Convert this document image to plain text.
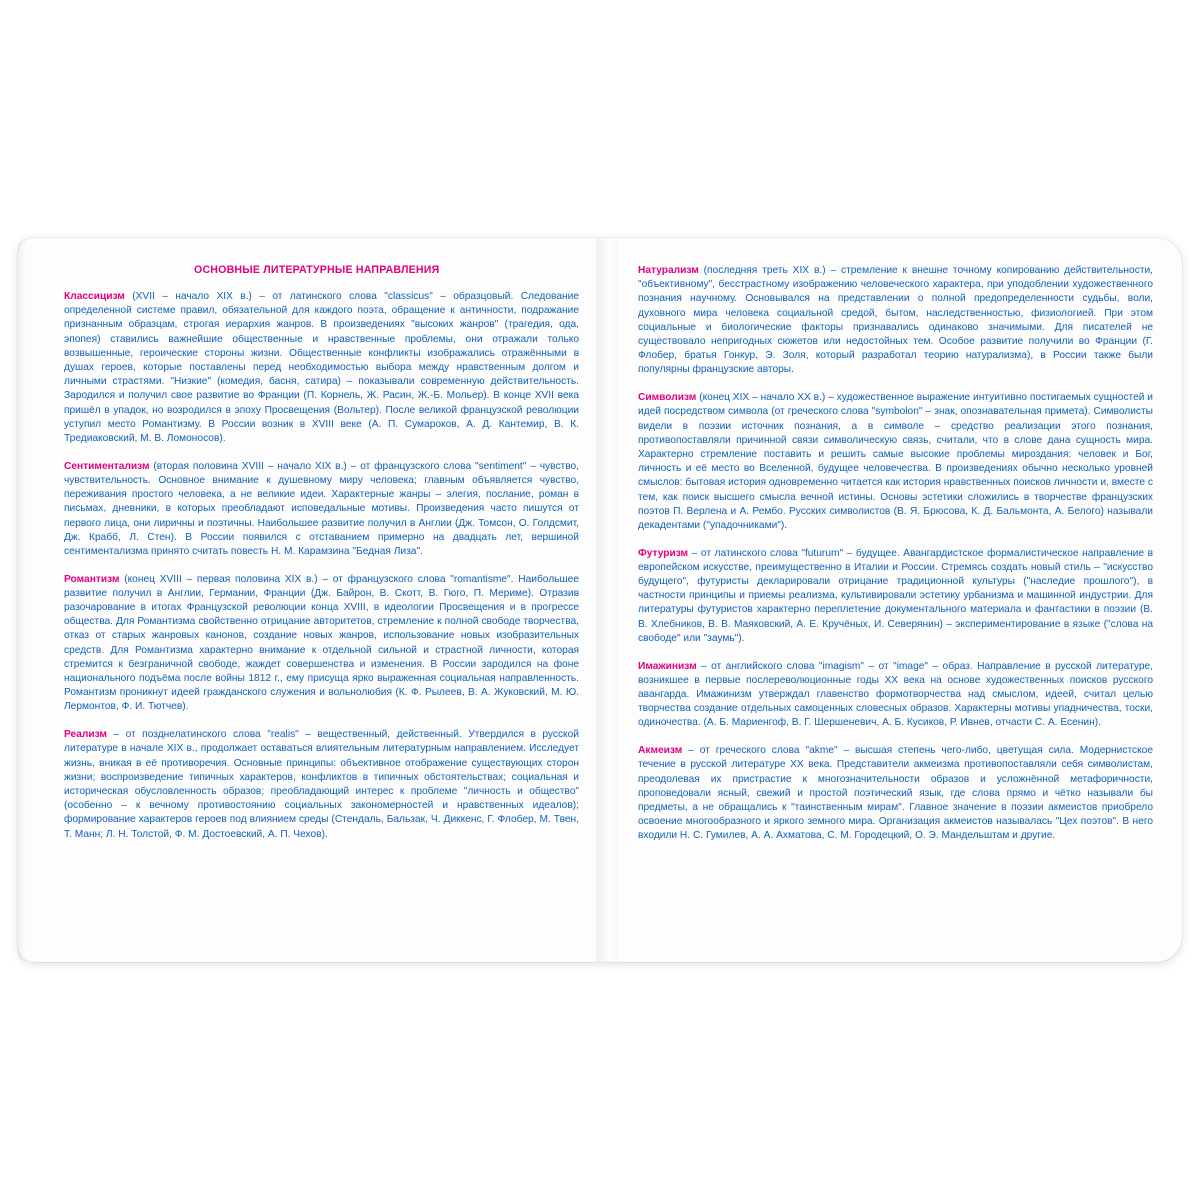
ОСНОВНЫЕ ЛИТЕРАТУРНЫЕ НАПРАВЛЕНИЯ

Классицизм (XVII – начало XIX в.) – от латинского слова "classicus" – образцовый. Следование определенной системе правил, обязательной для каждого поэта, обращение к античности, подражание признанным образцам, строгая иерархия жанров. В произведениях "высоких жанров" (трагедия, ода, эпопея) ставились важнейшие общественные и нравственные проблемы, они отражали только возвышенные, героические стороны жизни. Общественные конфликты изображались отражёнными в душах героев, которые поставлены перед необходимостью выбора между нравственным долгом и личными страстями. "Низкие" (комедия, басня, сатира) – показывали современную действительность. Зародился и получил свое развитие во Франции (П. Корнель, Ж. Расин, Ж.-Б. Мольер). В конце XVII века пришёл в упадок, но возродился в эпоху Просвещения (Вольтер). После великой французской революции уступил место Романтизму. В России возник в XVIII веке (А. П. Сумароков, А. Д. Кантемир, В. К. Тредиаковский, М. В. Ломоносов).

Сентиментализм (вторая половина XVIII – начало XIX в.) – от французского слова "sentiment" – чувство, чувствительность. Основное внимание к душевному миру человека; главным объявляется чувство, переживания простого человека, а не великие идеи. Характерные жанры – элегия, послание, роман в письмах, дневники, в которых преобладают исповедальные мотивы. Произведения часто пишутся от первого лица, они лиричны и поэтичны. Наибольшее развитие получил в Англии (Дж. Томсон, О. Голдсмит, Дж. Крабб, Л. Стен). В России появился с отставанием примерно на двадцать лет, вершиной сентиментализма принято считать повесть Н. М. Карамзина "Бедная Лиза".

Романтизм (конец XVIII – первая половина XIX в.) – от французского слова "romantisme". Наибольшее развитие получил в Англии, Германии, Франции (Дж. Байрон, В. Скотт, В. Гюго, П. Мериме). Отразив разочарование в итогах Французской революции конца XVIII, в идеологии Просвещения и в прогрессе общества. Для Романтизма свойственно отрицание авторитетов, стремление к полной свободе творчества, отказ от старых жанровых канонов, создание новых жанров, использование новых изобразительных средств. Для Романтизма характерно внимание к отдельной сильной и страстной личности, которая стремится к безграничной свободе, жаждет совершенства и изменения. В России зародился на фоне национального подъёма после войны 1812 г., ему присуща ярко выраженная социальная направленность. Романтизм проникнут идеей гражданского служения и вольнолюбия (К. Ф. Рылеев, В. А. Жуковский, М. Ю. Лермонтов, Ф. И. Тютчев).

Реализм – от позднелатинского слова "realis" – вещественный, действенный. Утвердился в русской литературе в начале XIX в., продолжает оставаться влиятельным литературным направлением. Исследует жизнь, вникая в её противоречия. Основные принципы: объективное отображение существующих сторон жизни; воспроизведение типичных характеров, конфликтов в типичных обстоятельствах; социальная и историческая обусловленность образов; преобладающий интерес к проблеме "личность и общество" (особенно – к вечному противостоянию социальных закономерностей и нравственных идеалов); формирование характеров героев под влиянием среды (Стендаль, Бальзак, Ч. Диккенс, Г. Флобер, М. Твен, Т. Манн; Л. Н. Толстой, Ф. М. Достоевский, А. П. Чехов).

Натурализм (последняя треть XIX в.) – стремление к внешне точному копированию действительности, "объективному", бесстрастному изображению человеческого характера, при уподоблении художественного познания научному. Основывался на представлении о полной предопределенности судьбы, воли, духовного мира человека социальной средой, бытом, наследственностью, физиологией. При этом социальные и биологические факторы признавались одинаково значимыми. Для писателей не существовало непригодных сюжетов или недостойных тем. Особое развитие получили во Франции (Г. Флобер, братья Гонкур, Э. Золя, который разработал теорию натурализма), в России также были популярны французские авторы.

Символизм (конец XIX – начало XX в.) – художественное выражение интуитивно постигаемых сущностей и идей посредством символа (от греческого слова "symbolon" – знак, опознавательная примета). Символисты видели в поэзии источник познания, а в символе – средство реализации этого познания, противопоставляли причинной связи символическую связь, считали, что в слове дана сущность мира. Характерно стремление поставить и решить самые высокие проблемы мироздания: человек и Бог, личность и её место во Вселенной, будущее человечества. В произведениях обычно несколько уровней смыслов: бытовая история одновременно читается как история нравственных поисков личности и, вместе с тем, как поиск высшего смысла вечной истины. Основы эстетики сложились в творчестве французских поэтов П. Верлена и А. Рембо. Русских символистов (В. Я. Брюсова, К. Д. Бальмонта, А. Белого) называли декадентами ("упадочниками").

Футуризм – от латинского слова "futurum" – будущее. Авангардистское формалистическое направление в европейском искусстве, преимущественно в Италии и России. Стремясь создать новый стиль – "искусство будущего", футуристы декларировали отрицание традиционной культуры ("наследие прошлого"), в частности принципы и приемы реализма, культивировали эстетику урбанизма и машинной индустрии. Для литературы футуристов характерно переплетение документального материала и фантастики в поэзии (В. В. Хлебников, В. В. Маяковский, А. Е. Кручёных, И. Северянин) – экспериментирование в языке ("слова на свободе" или "заумь").

Имажинизм – от английского слова "imagism" – от "image" – образ. Направление в русской литературе, возникшее в первые послереволюционные годы XX века на основе художественных поисков русского авангарда. Имажинизм утверждал главенство формотворчества над смыслом, идеей, считал целью творчества создание отдельных самоценных словесных образов. Характерны мотивы упадничества, тоски, одиночества. (А. Б. Мариенгоф, В. Г. Шершеневич, А. Б. Кусиков, Р. Ивнев, отчасти С. А. Есенин).

Акмеизм – от греческого слова "akme" – высшая степень чего-либо, цветущая сила. Модернистское течение в русской литературе XX века. Представители акмеизма противопоставляли себя символистам, преодолевая их пристрастие к многозначительности образов и усложнённой метафоричности, проповедовали ясный, свежий и простой поэтический язык, где слова прямо и чётко называли бы предметы, а не обращались к "таинственным мирам". Главное значение в поэзии акмеистов приобрело освоение многообразного и яркого земного мира. Организация акмеистов называлась "Цех поэтов". В него входили Н. С. Гумилев, А. А. Ахматова, С. М. Городецкий, О. Э. Мандельштам и другие.
